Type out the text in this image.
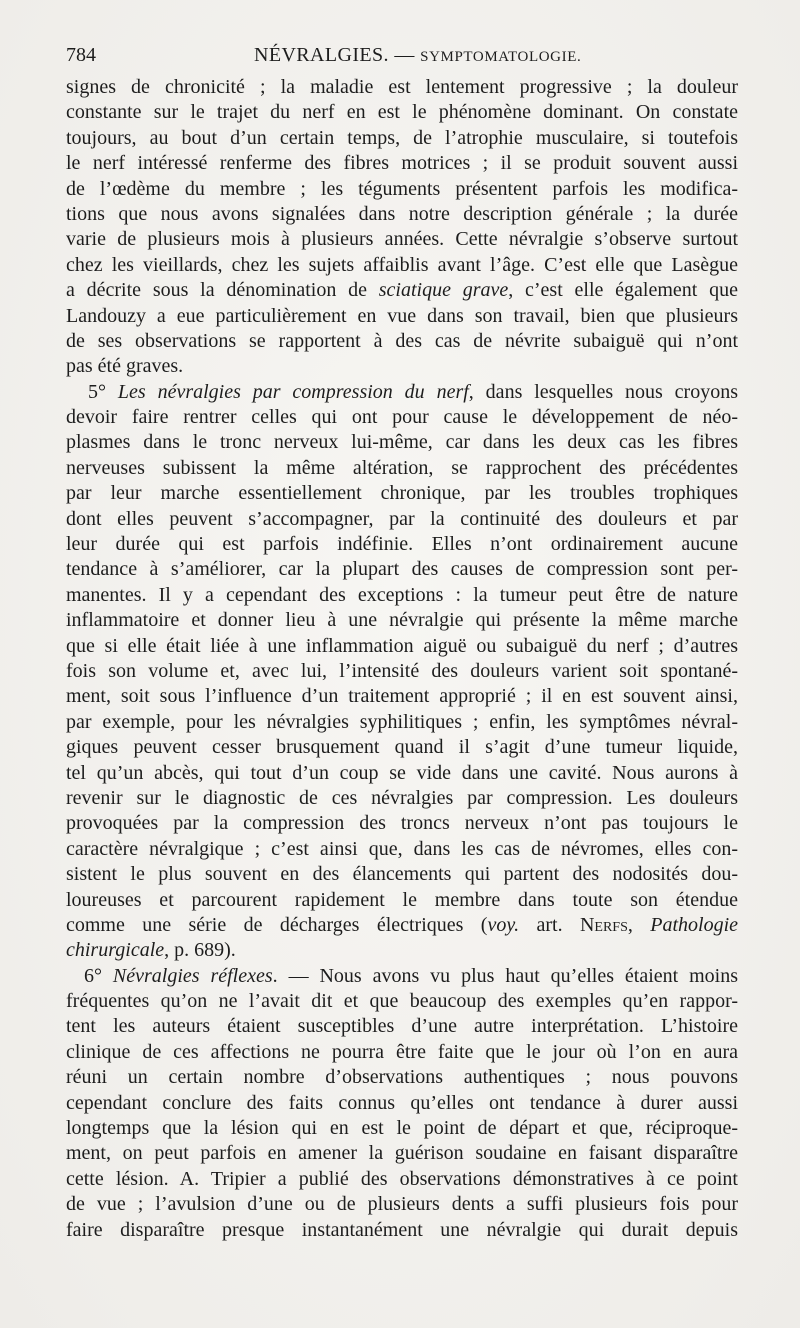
784	NÉVRALGIES. — SYMPTOMATOLOGIE.
signes de chronicité ; la maladie est lentement progressive ; la douleur
constante sur le trajet du nerf en est le phénomène dominant. On constate
toujours, au bout d’un certain temps, de l’atrophie musculaire, si toutefois
le nerf intéressé renferme des fibres motrices ; il se produit souvent aussi
de l’œdème du membre ; les téguments présentent parfois les modifica-
tions que nous avons signalées dans notre description générale ; la durée
varie de plusieurs mois à plusieurs années. Cette névralgie s’observe surtout
chez les vieillards, chez les sujets affaiblis avant l’âge. C’est elle que Lasègue
a décrite sous la dénomination de sciatique grave, c’est elle également que
Landouzy a eue particulièrement en vue dans son travail, bien que plusieurs
de ses observations se rapportent à des cas de névrite subaiguë qui n’ont
pas été graves.
5° Les névralgies par compression du nerf, dans lesquelles nous croyons
devoir faire rentrer celles qui ont pour cause le développement de néo-
plasmes dans le tronc nerveux lui-même, car dans les deux cas les fibres
nerveuses subissent la même altération, se rapprochent des précédentes
par leur marche essentiellement chronique, par les troubles trophiques
dont elles peuvent s’accompagner, par la continuité des douleurs et par
leur durée qui est parfois indéfinie. Elles n’ont ordinairement aucune
tendance à s’améliorer, car la plupart des causes de compression sont per-
manentes. Il y a cependant des exceptions : la tumeur peut être de nature
inflammatoire et donner lieu à une névralgie qui présente la même marche
que si elle était liée à une inflammation aiguë ou subaiguë du nerf ; d’autres
fois son volume et, avec lui, l’intensité des douleurs varient soit spontané-
ment, soit sous l’influence d’un traitement approprié ; il en est souvent ainsi,
par exemple, pour les névralgies syphilitiques ; enfin, les symptômes névral-
giques peuvent cesser brusquement quand il s’agit d’une tumeur liquide,
tel qu’un abcès, qui tout d’un coup se vide dans une cavité. Nous aurons à
revenir sur le diagnostic de ces névralgies par compression. Les douleurs
provoquées par la compression des troncs nerveux n’ont pas toujours le
caractère névralgique ; c’est ainsi que, dans les cas de névromes, elles con-
sistent le plus souvent en des élancements qui partent des nodosités dou-
loureuses et parcourent rapidement le membre dans toute son étendue
comme une série de décharges électriques (voy. art. Nerfs, Pathologie
chirurgicale, p. 689).
6° Névralgies réflexes. — Nous avons vu plus haut qu’elles étaient moins
fréquentes qu’on ne l’avait dit et que beaucoup des exemples qu’en rappor-
tent les auteurs étaient susceptibles d’une autre interprétation. L’histoire
clinique de ces affections ne pourra être faite que le jour où l’on en aura
réuni un certain nombre d’observations authentiques ; nous pouvons
cependant conclure des faits connus qu’elles ont tendance à durer aussi
longtemps que la lésion qui en est le point de départ et que, réciproque-
ment, on peut parfois en amener la guérison soudaine en faisant disparaître
cette lésion. A. Tripier a publié des observations démonstratives à ce point
de vue ; l’avulsion d’une ou de plusieurs dents a suffi plusieurs fois pour
faire disparaître presque instantanément une névralgie qui durait depuis
